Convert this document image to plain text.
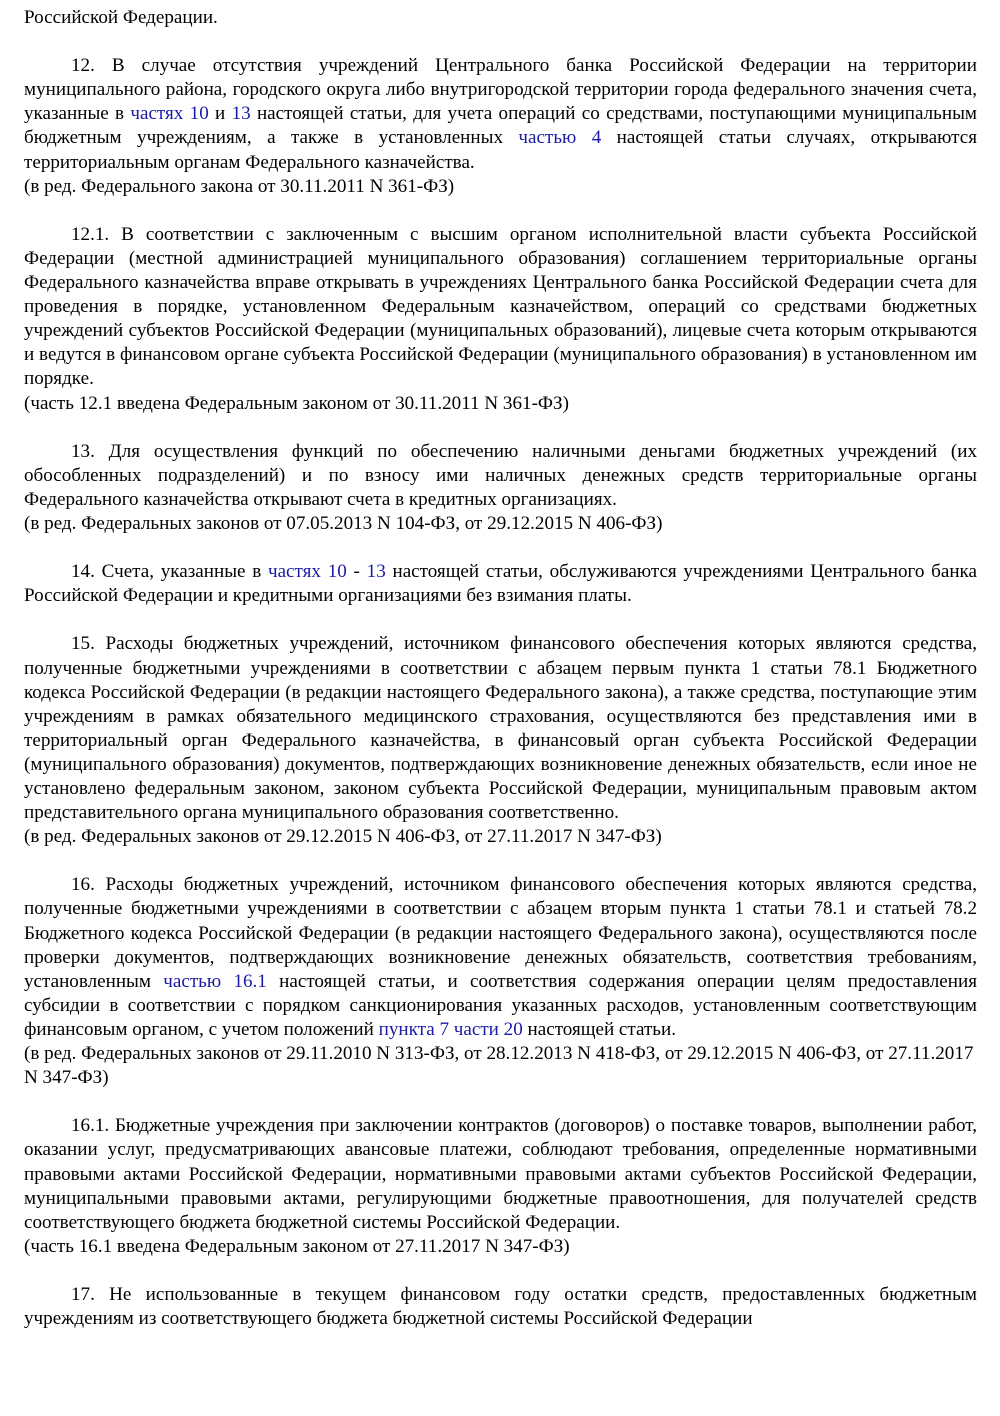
Российской Федерации.

12. В случае отсутствия учреждений Центрального банка Российской Федерации на территории муниципального района, городского округа либо внутригородской территории города федерального значения счета, указанные в частях 10 и 13 настоящей статьи, для учета операций со средствами, поступающими муниципальным бюджетным учреждениям, а также в установленных частью 4 настоящей статьи случаях, открываются территориальным органам Федерального казначейства.

(в ред. Федерального закона от 30.11.2011 N 361-ФЗ)

12.1. В соответствии с заключенным с высшим органом исполнительной власти субъекта Российской Федерации (местной администрацией муниципального образования) соглашением территориальные органы Федерального казначейства вправе открывать в учреждениях Центрального банка Российской Федерации счета для проведения в порядке, установленном Федеральным казначейством, операций со средствами бюджетных учреждений субъектов Российской Федерации (муниципальных образований), лицевые счета которым открываются и ведутся в финансовом органе субъекта Российской Федерации (муниципального образования) в установленном им порядке.

(часть 12.1 введена Федеральным законом от 30.11.2011 N 361-ФЗ)

13. Для осуществления функций по обеспечению наличными деньгами бюджетных учреждений (их обособленных подразделений) и по взносу ими наличных денежных средств территориальные органы Федерального казначейства открывают счета в кредитных организациях.

(в ред. Федеральных законов от 07.05.2013 N 104-ФЗ, от 29.12.2015 N 406-ФЗ)

14. Счета, указанные в частях 10 - 13 настоящей статьи, обслуживаются учреждениями Центрального банка Российской Федерации и кредитными организациями без взимания платы.

15. Расходы бюджетных учреждений, источником финансового обеспечения которых являются средства, полученные бюджетными учреждениями в соответствии с абзацем первым пункта 1 статьи 78.1 Бюджетного кодекса Российской Федерации (в редакции настоящего Федерального закона), а также средства, поступающие этим учреждениям в рамках обязательного медицинского страхования, осуществляются без представления ими в территориальный орган Федерального казначейства, в финансовый орган субъекта Российской Федерации (муниципального образования) документов, подтверждающих возникновение денежных обязательств, если иное не установлено федеральным законом, законом субъекта Российской Федерации, муниципальным правовым актом представительного органа муниципального образования соответственно.

(в ред. Федеральных законов от 29.12.2015 N 406-ФЗ, от 27.11.2017 N 347-ФЗ)

16. Расходы бюджетных учреждений, источником финансового обеспечения которых являются средства, полученные бюджетными учреждениями в соответствии с абзацем вторым пункта 1 статьи 78.1 и статьей 78.2 Бюджетного кодекса Российской Федерации (в редакции настоящего Федерального закона), осуществляются после проверки документов, подтверждающих возникновение денежных обязательств, соответствия требованиям, установленным частью 16.1 настоящей статьи, и соответствия содержания операции целям предоставления субсидии в соответствии с порядком санкционирования указанных расходов, установленным соответствующим финансовым органом, с учетом положений пункта 7 части 20 настоящей статьи.

(в ред. Федеральных законов от 29.11.2010 N 313-ФЗ, от 28.12.2013 N 418-ФЗ, от 29.12.2015 N 406-ФЗ, от 27.11.2017 N 347-ФЗ)

16.1. Бюджетные учреждения при заключении контрактов (договоров) о поставке товаров, выполнении работ, оказании услуг, предусматривающих авансовые платежи, соблюдают требования, определенные нормативными правовыми актами Российской Федерации, нормативными правовыми актами субъектов Российской Федерации, муниципальными правовыми актами, регулирующими бюджетные правоотношения, для получателей средств соответствующего бюджета бюджетной системы Российской Федерации.

(часть 16.1 введена Федеральным законом от 27.11.2017 N 347-ФЗ)

17. Не использованные в текущем финансовом году остатки средств, предоставленных бюджетным учреждениям из соответствующего бюджета бюджетной системы Российской Федерации
